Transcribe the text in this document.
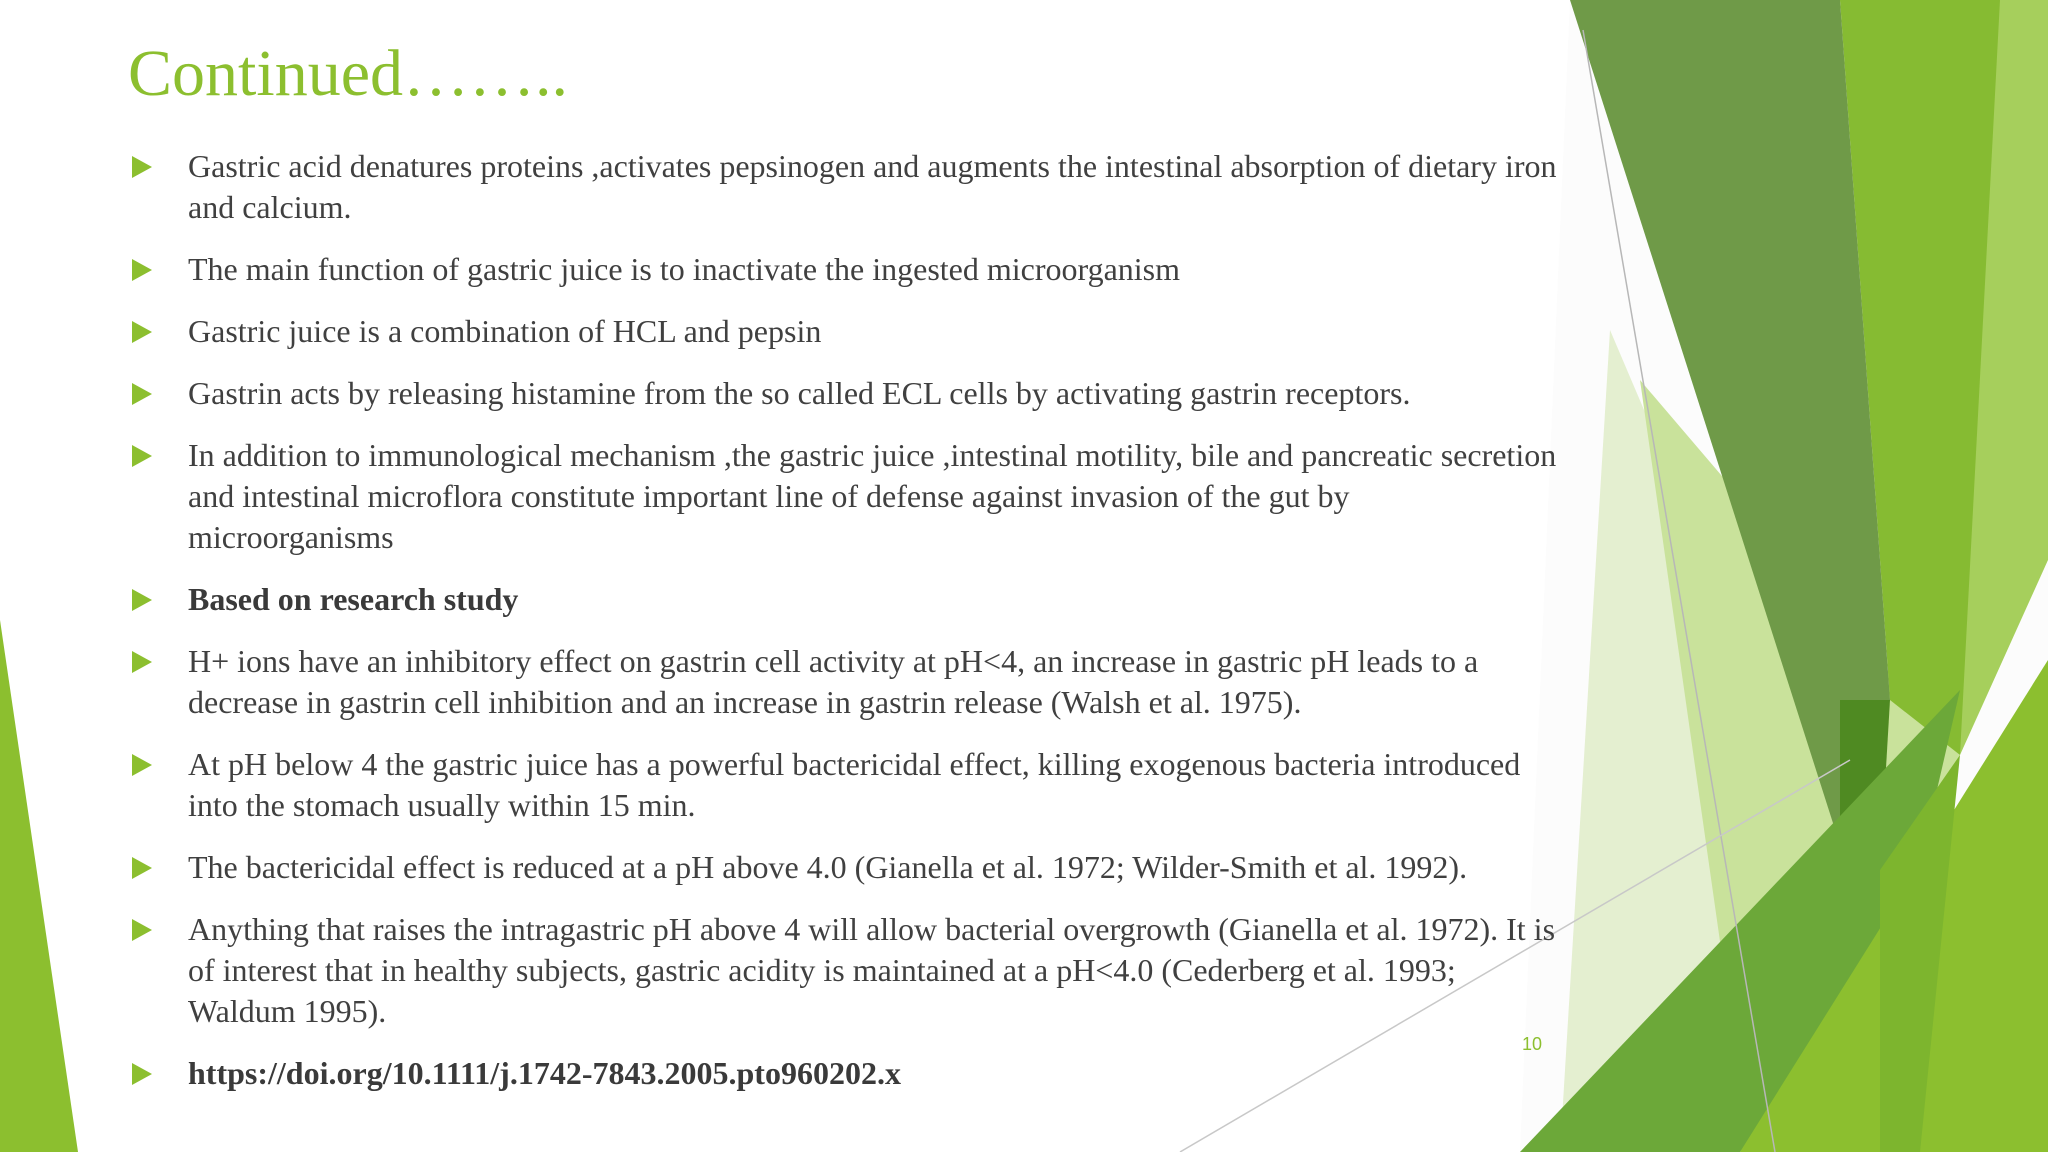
Continued……..
Gastric acid denatures proteins ,activates pepsinogen and augments the intestinal absorption of dietary iron and calcium.
The main function of gastric juice is to inactivate the ingested microorganism
Gastric juice is a combination of HCL and pepsin
Gastrin acts by releasing histamine from the so called ECL cells by activating gastrin receptors.
In addition to immunological mechanism ,the gastric juice ,intestinal motility, bile and pancreatic secretion and intestinal microflora constitute important line of defense against invasion of the gut by microorganisms
Based on research study
H+ ions have an inhibitory effect on gastrin cell activity at pH<4, an increase in gastric pH leads to a decrease in gastrin cell inhibition and an increase in gastrin release (Walsh et al. 1975).
At pH below 4 the gastric juice has a powerful bactericidal effect, killing exogenous bacteria introduced into the stomach usually within 15 min.
The bactericidal effect is reduced at a pH above 4.0 (Gianella et al. 1972; Wilder-Smith et al. 1992).
Anything that raises the intragastric pH above 4 will allow bacterial overgrowth (Gianella et al. 1972). It is of interest that in healthy subjects, gastric acidity is maintained at a pH<4.0 (Cederberg et al. 1993; Waldum 1995).
https://doi.org/10.1111/j.1742-7843.2005.pto960202.x
10
